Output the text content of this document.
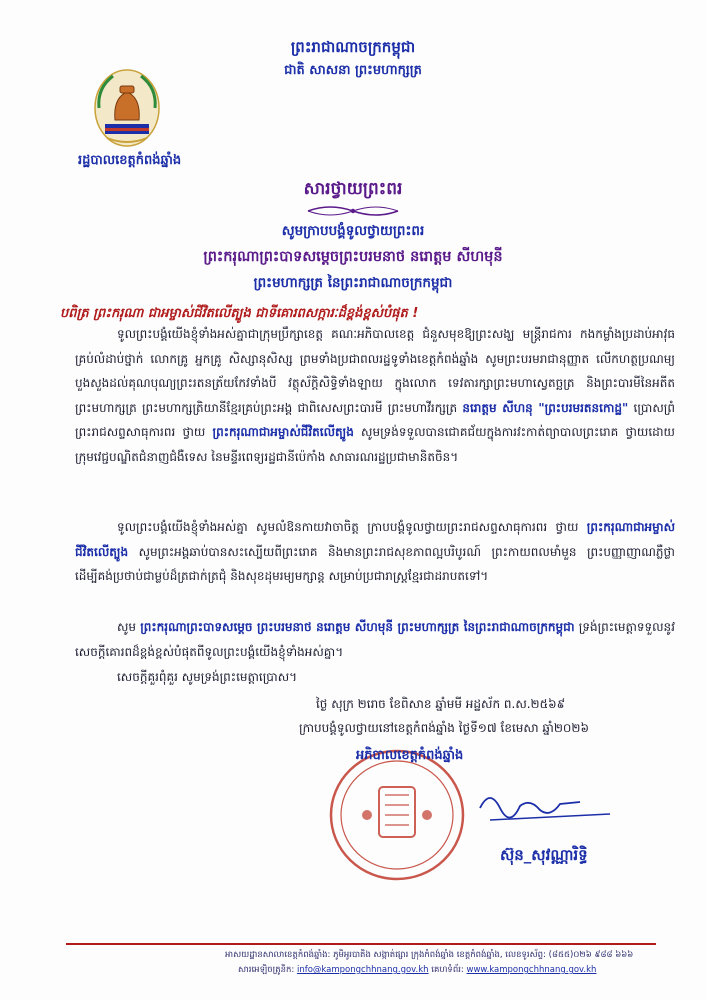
ព្រះរាជាណាចក្រកម្ពុជា
ជាតិ សាសនា ព្រះមហាក្សត្រ
រដ្ឋបាលខេត្តកំពង់ឆ្នាំង
សារថ្វាយព្រះពរ
សូមក្រាបបង្គំទូលថ្វាយព្រះពរ
ព្រះករុណាព្រះបាទសម្តេចព្រះបរមនាថ នរោត្តម សីហមុនី
ព្រះមហាក្សត្រ នៃព្រះរាជាណាចក្រកម្ពុជា
បពិត្រ ព្រះករុណា ជាអម្ចាស់ជីវិតលើត្បូង ជាទីគោរពសក្ការៈដ៏ខ្ពង់ខ្ពស់បំផុត !
ទូលព្រះបង្គំយើងខ្ញុំទាំងអស់គ្នាជាក្រុមប្រឹក្សាខេត្ត គណៈអភិបាលខេត្ត ជំនួសមុខឱ្យព្រះសង្ឃ មន្ត្រីរាជការ កងកម្លាំងប្រដាប់អាវុធគ្រប់លំដាប់ថ្នាក់ លោកគ្រូ អ្នកគ្រូ សិស្សានុសិស្ស ព្រមទាំងប្រជាពលរដ្ឋទូទាំងខេត្តកំពង់ឆ្នាំង សូមព្រះបរមរាជានុញ្ញាត លើកហត្ថប្រណម្យបួងសួងដល់គុណបុណ្យព្រះរតនត្រ័យកែវទាំងបី វត្ថុស័ក្តិសិទ្ធិទាំងឡាយ ក្នុងលោក ទេវតារក្សាព្រះមហាស្វេតច្ឆត្រ និងព្រះបារមីនៃអតីតព្រះមហាក្សត្រ ព្រះមហាក្សត្រិយានីខ្មែរគ្រប់ព្រះអង្គ ជាពិសេសព្រះបារមី ព្រះមហាវីរក្សត្រ នរោត្តម សីហនុ "ព្រះបរមរតនកោដ្ឋ" ប្រោសព្រំព្រះរាជសព្ទសាធុការពរ ថ្វាយ ព្រះករុណាជាអម្ចាស់ជីវិតលើត្បូង សូមទ្រង់ទទួលបានជោគជ័យក្នុងការវះកាត់ព្យាបាលព្រះរោគ ថ្វាយដោយក្រុមវេជ្ជបណ្ឌិតជំនាញជំងឺទេស នៃមន្ទីរពេទ្យរដ្ឋជានីប៉េកាំង សាធារណរដ្ឋប្រជាមានិតចិន។
ទូលព្រះបង្គំយើងខ្ញុំទាំងអស់គ្នា សូមលំឱនកាយវាចាចិត្ត ក្រាបបង្គំទូលថ្វាយព្រះរាជសព្ទសាធុការពរ ថ្វាយ ព្រះករុណាជាអម្ចាស់ជីវិតលើត្បូង សូមព្រះអង្គឆាប់បានសះស្បើយពីព្រះរោគ និងមានព្រះរាជសុខភាពល្អបរិបូរណ៍ ព្រះកាយពលមាំមួន ព្រះបញ្ញាញាណភ្លឺថ្លា ដើម្បីគង់ប្រថាប់ជាម្លប់ដ៏ត្រជាក់ត្រជុំ និងសុខដុមរម្យមក្សាន្ត សម្រាប់ប្រជារាស្ត្រខ្មែរជាដរាបតទៅ។
សូម ព្រះករុណាព្រះបាទសម្តេច ព្រះបរមនាថ នរោត្តម សីហមុនី ព្រះមហាក្សត្រ នៃព្រះរាជាណាចក្រកម្ពុជា ទ្រង់ព្រះមេត្តាទទួលនូវសេចក្តីគោរពដ៏ខ្ពង់ខ្ពស់បំផុតពីទូលព្រះបង្គំយើងខ្ញុំទាំងអស់គ្នា។
សេចក្តីគួរពុំគួរ សូមទ្រង់ព្រះមេត្តាប្រោស។
ថ្ងៃ សុក្រ ២រោច ខែពិសាខ ឆ្នាំមមី អដ្ឋស័ក ព.ស.២៥៦៩
ក្រាបបង្គំទូលថ្វាយនៅខេត្តកំពង់ឆ្នាំង ថ្ងៃទី១៧ ខែមេសា ឆ្នាំ២០២៦
អភិបាលខេត្តកំពង់ឆ្នាំង
ស៊ុន_សុវណ្ណារិទ្ធិ
អាសយដ្ឋានសាលាខេត្តកំពង់ឆ្នាំង: ភូមិអូរបាតិង សង្កាត់ផ្សារ ក្រុងកំពង់ឆ្នាំង ខេត្តកំពង់ឆ្នាំង, លេខទូរស័ព្ទ: (៨៥៥)០២៦ ៩៨៨ ៦៦៦
សារអេឡិចត្រូនិក: info@kampongchhnang.gov.kh គេហទំព័រ: www.kampongchhnang.gov.kh
